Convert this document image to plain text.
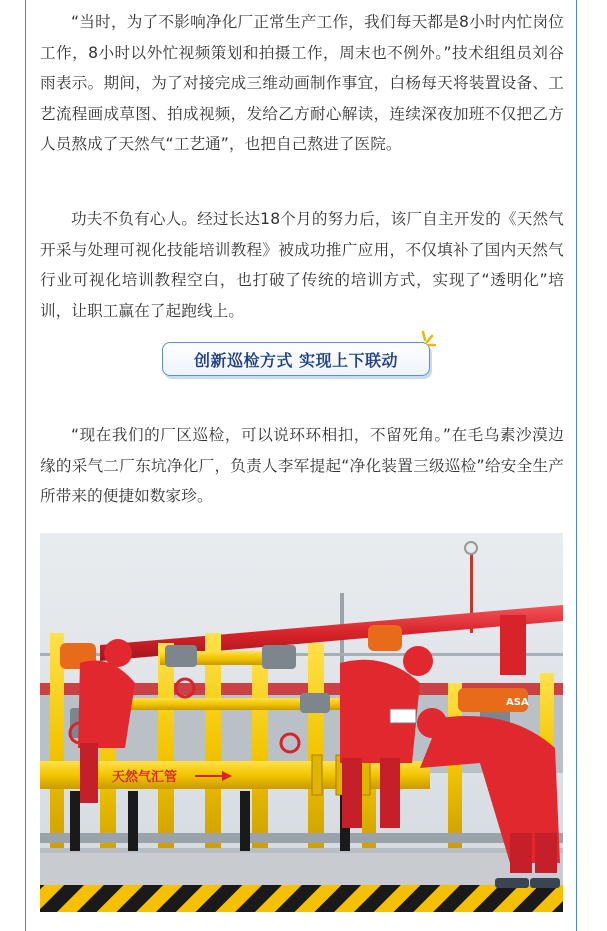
“当时，为了不影响净化厂正常生产工作，我们每天都是8小时内忙岗位工作，8小时以外忙视频策划和拍摄工作，周末也不例外。”技术组组员刘谷雨表示。期间，为了对接完成三维动画制作事宜，白杨每天将装置设备、工艺流程画成草图、拍成视频，发给乙方耐心解读，连续深夜加班不仅把乙方人员熬成了天然气“工艺通”，也把自己熬进了医院。

功夫不负有心人。经过长达18个月的努力后，该厂自主开发的《天然气开采与处理可视化技能培训教程》被成功推广应用，不仅填补了国内天然气行业可视化培训教程空白，也打破了传统的培训方式，实现了“透明化”培训，让职工赢在了起跑线上。

创新巡检方式 实现上下联动

“现在我们的厂区巡检，可以说环环相扣，不留死角。”在毛乌素沙漠边缘的采气二厂东坑净化厂，负责人李军提起“净化装置三级巡检”给安全生产所带来的便捷如数家珍。

天然气汇管
ASA
